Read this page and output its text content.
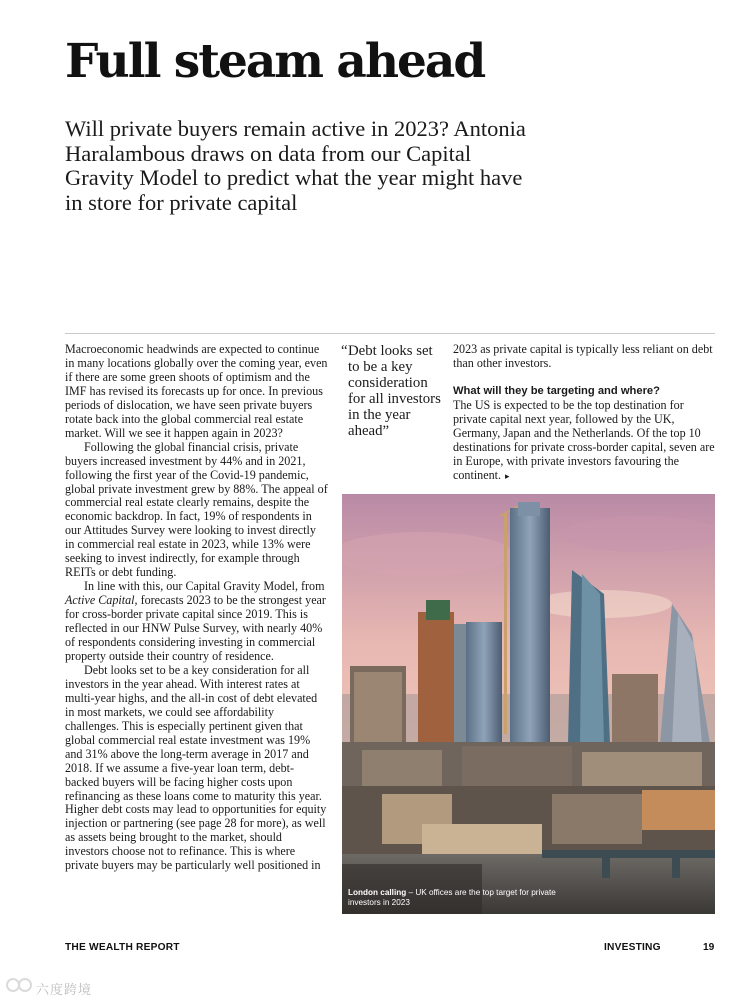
Full steam ahead

Will private buyers remain active in 2023? Antonia Haralambous draws on data from our Capital Gravity Model to predict what the year might have in store for private capital

Macroeconomic headwinds are expected to continue in many locations globally over the coming year, even if there are some green shoots of optimism and the IMF has revised its forecasts up for once. In previous periods of dislocation, we have seen private buyers rotate back into the global commercial real estate market. Will we see it happen again in 2023?

Following the global financial crisis, private buyers increased investment by 44% and in 2021, following the first year of the Covid-19 pandemic, global private investment grew by 88%. The appeal of commercial real estate clearly remains, despite the economic backdrop. In fact, 19% of respondents in our Attitudes Survey were looking to invest directly in commercial real estate in 2023, while 13% were seeking to invest indirectly, for example through REITs or debt funding.

In line with this, our Capital Gravity Model, from Active Capital, forecasts 2023 to be the strongest year for cross-border private capital since 2019. This is reflected in our HNW Pulse Survey, with nearly 40% of respondents considering investing in commercial property outside their country of residence.

Debt looks set to be a key consideration for all investors in the year ahead. With interest rates at multi-year highs, and the all-in cost of debt elevated in most markets, we could see affordability challenges. This is especially pertinent given that global commercial real estate investment was 19% and 31% above the long-term average in 2017 and 2018. If we assume a five-year loan term, debt-backed buyers will be facing higher costs upon refinancing as these loans come to maturity this year. Higher debt costs may lead to opportunities for equity injection or partnering (see page 28 for more), as well as assets being brought to the market, should investors choose not to refinance. This is where private buyers may be particularly well positioned in

“ Debt looks set to be a key consideration for all investors in the year ahead”

2023 as private capital is typically less reliant on debt than other investors.

What will they be targeting and where?

The US is expected to be the top destination for private capital next year, followed by the UK, Germany, Japan and the Netherlands. Of the top 10 destinations for private cross-border capital, seven are in Europe, with private investors favouring the continent. ▸

London calling – UK offices are the top target for private investors in 2023
THE WEALTH REPORT	INVESTING	19
六度跨境
